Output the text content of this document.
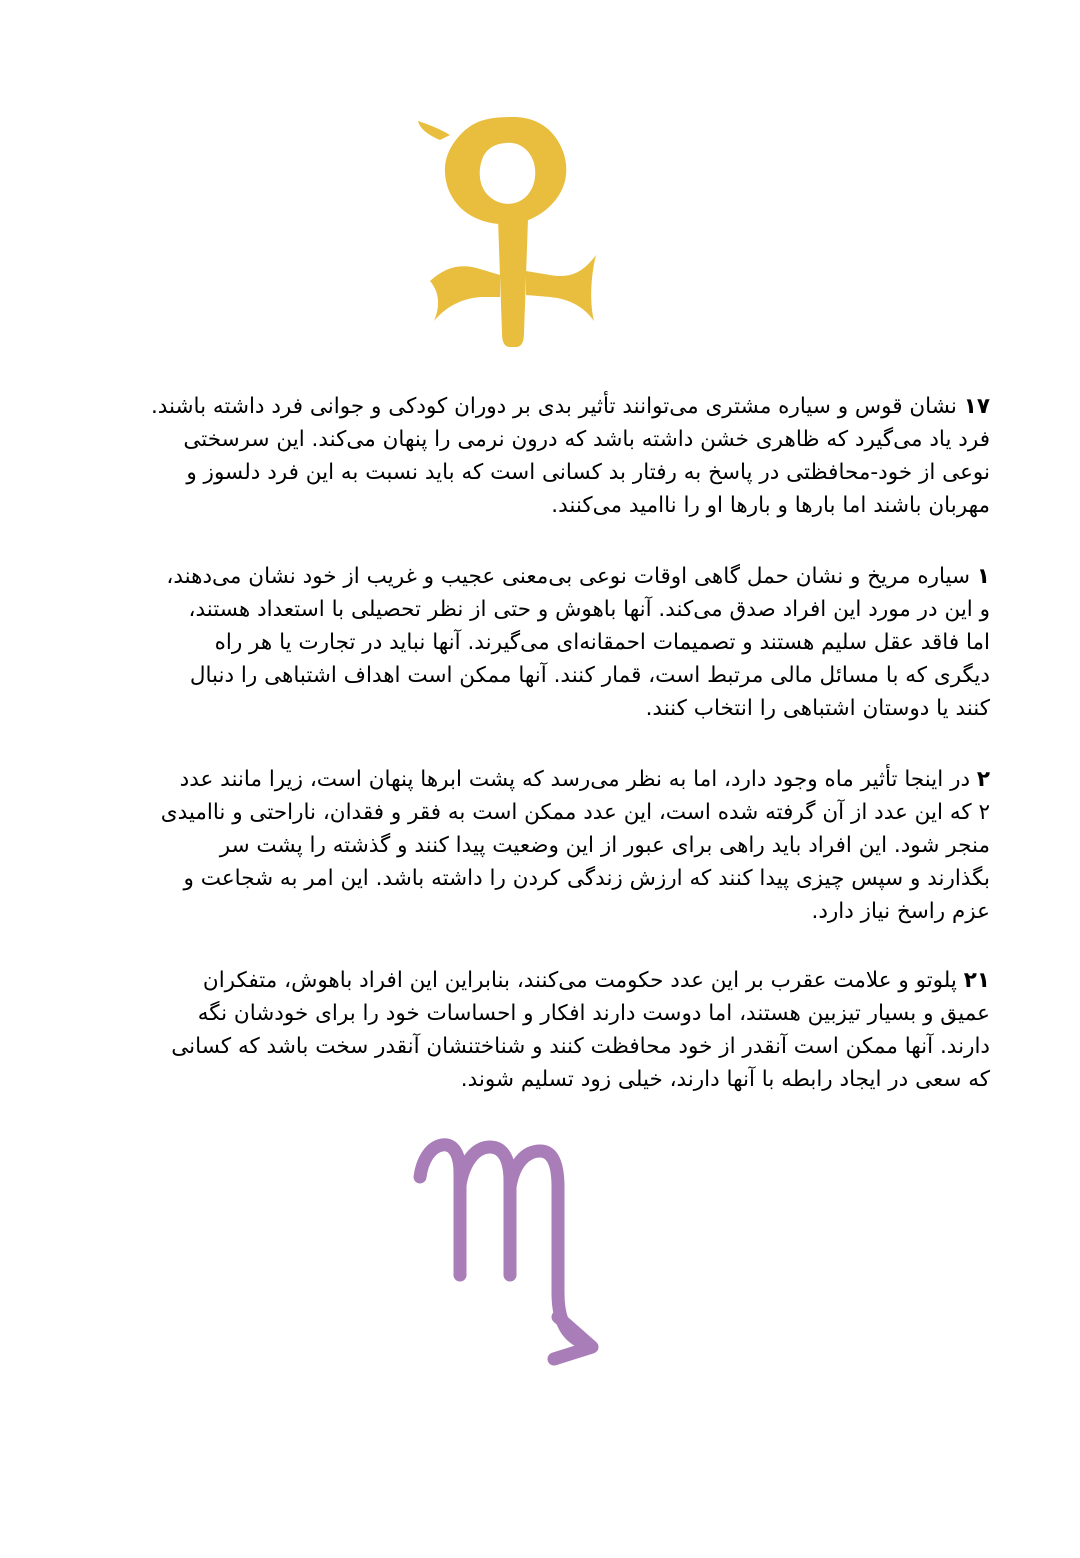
۱۷ نشان قوس و سیاره مشتری می‌توانند تأثیر بدی بر دوران کودکی و جوانی فرد داشته باشند.
فرد یاد می‌گیرد که ظاهری خشن داشته باشد که درون نرمی را پنهان می‌کند. این سرسختی
نوعی از خود-محافظتی در پاسخ به رفتار بد کسانی است که باید نسبت به این فرد دلسوز و
مهربان باشند اما بارها و بارها او را ناامید می‌کنند.
۱ سیاره مریخ و نشان حمل گاهی اوقات نوعی بی‌معنی عجیب و غریب از خود نشان می‌دهند،
و این در مورد این افراد صدق می‌کند. آنها باهوش و حتی از نظر تحصیلی با استعداد هستند،
اما فاقد عقل سلیم هستند و تصمیمات احمقانه‌ای می‌گیرند. آنها نباید در تجارت یا هر راه
دیگری که با مسائل مالی مرتبط است، قمار کنند. آنها ممکن است اهداف اشتباهی را دنبال
کنند یا دوستان اشتباهی را انتخاب کنند.
۲ در اینجا تأثیر ماه وجود دارد، اما به نظر می‌رسد که پشت ابرها پنهان است، زیرا مانند عدد
۲ که این عدد از آن گرفته شده است، این عدد ممکن است به فقر و فقدان، ناراحتی و ناامیدی
منجر شود. این افراد باید راهی برای عبور از این وضعیت پیدا کنند و گذشته را پشت سر
بگذارند و سپس چیزی پیدا کنند که ارزش زندگی کردن را داشته باشد. این امر به شجاعت و
عزم راسخ نیاز دارد.
۲۱ پلوتو و علامت عقرب بر این عدد حکومت می‌کنند، بنابراین این افراد باهوش، متفکران
عمیق و بسیار تیزبین هستند، اما دوست دارند افکار و احساسات خود را برای خودشان نگه
دارند. آنها ممکن است آنقدر از خود محافظت کنند و شناختنشان آنقدر سخت باشد که کسانی
که سعی در ایجاد رابطه با آنها دارند، خیلی زود تسلیم شوند.
